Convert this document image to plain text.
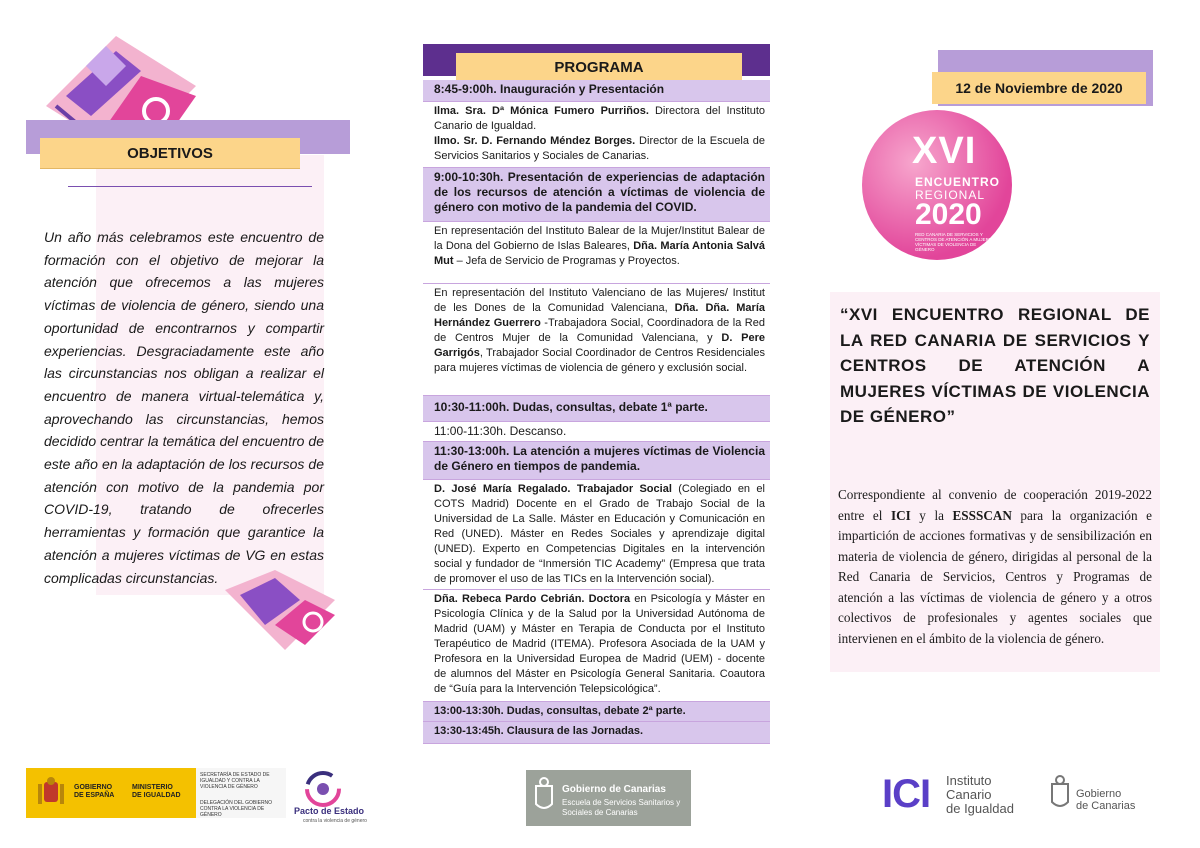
OBJETIVOS
Un año más celebramos este encuentro de formación con el objetivo de mejorar la atención que ofrecemos a las mujeres víctimas de violencia de género, siendo una oportunidad de encontrarnos y compartir experiencias. Desgraciadamente este año las circunstancias nos obligan a realizar el encuentro de manera virtual-telemática y, aprovechando las circunstancias, hemos decidido centrar la temática del encuentro de este año en la adaptación de los recursos de atención con motivo de la pandemia por COVID-19, tratando de ofrecerles herramientas y formación que garantice la atención a mujeres víctimas de VG en estas complicadas circunstancias.
PROGRAMA
8:45-9:00h. Inauguración y Presentación
Ilma. Sra. Dª Mónica Fumero Purriños. Directora del Instituto Canario de Igualdad.
Ilmo. Sr. D. Fernando Méndez Borges. Director de la Escuela de Servicios Sanitarios y Sociales de Canarias.
9:00-10:30h. Presentación de experiencias de adaptación de los recursos de atención a víctimas de violencia de género con motivo de la pandemia del COVID.
En representación del Instituto Balear de la Mujer/Institut Balear de la Dona del Gobierno de Islas Baleares, Dña. María Antonia Salvá Mut – Jefa de Servicio de Programas y Proyectos.
En representación del Instituto Valenciano de las Mujeres/ Institut de les Dones de la Comunidad Valenciana, Dña. Dña. María Hernández Guerrero -Trabajadora Social, Coordinadora de la Red de Centros Mujer de la Comunidad Valenciana, y D. Pere Garrigós, Trabajador Social Coordinador de Centros Residenciales para mujeres víctimas de violencia de género y exclusión social.
10:30-11:00h. Dudas, consultas, debate 1ª parte.
11:00-11:30h. Descanso.
11:30-13:00h. La atención a mujeres víctimas de Violencia de Género en tiempos de pandemia.
D. José María Regalado. Trabajador Social (Colegiado en el COTS Madrid) Docente en el Grado de Trabajo Social de la Universidad de La Salle. Máster en Educación y Comunicación en Red (UNED). Máster en Redes Sociales y aprendizaje digital (UNED). Experto en Competencias Digitales en la intervención social y fundador de “Inmersión TIC Academy” (Empresa que trata de promover el uso de las TICs en la Intervención social).
Dña. Rebeca Pardo Cebrián. Doctora en Psicología y Máster en Psicología Clínica y de la Salud por la Universidad Autónoma de Madrid (UAM) y Máster en Terapia de Conducta por el Instituto Terapéutico de Madrid (ITEMA). Profesora Asociada de la UAM y Profesora en la Universidad Europea de Madrid (UEM) - docente de alumnos del Máster en Psicología General Sanitaria. Coautora de “Guía para la Intervención Telepsicológica”.
13:00-13:30h. Dudas, consultas, debate 2ª parte.
13:30-13:45h. Clausura de las Jornadas.
12 de Noviembre de 2020
XVI
ENCUENTRO
REGIONAL
2020
RED CANARIA DE SERVICIOS Y CENTROS DE ATENCIÓN A MUJERES VÍCTIMAS DE VIOLENCIA DE GÉNERO
“XVI ENCUENTRO REGIONAL DE LA RED CANARIA DE SERVICIOS Y CENTROS DE ATENCIÓN A MUJERES VÍCTIMAS DE VIOLENCIA DE GÉNERO”
Correspondiente al convenio de cooperación 2019-2022 entre el ICI y la ESSSCAN para la organización e impartición de acciones formativas y de sensibilización en materia de violencia de género, dirigidas al personal de la Red Canaria de Servicios, Centros y Programas de atención a las víctimas de violencia de género y a otros colectivos de profesionales y agentes sociales que intervienen en el ámbito de la violencia de género.
GOBIERNO
DE ESPAÑA
MINISTERIO
DE IGUALDAD
SECRETARÍA DE ESTADO DE IGUALDAD Y CONTRA LA VIOLENCIA DE GÉNERO
DELEGACIÓN DEL GOBIERNO CONTRA LA VIOLENCIA DE GÉNERO	Pacto de Estado
contra la violencia de género
Gobierno de Canarias
Escuela de Servicios Sanitarios y Sociales de Canarias	ICI Instituto
Canario
de Igualdad
Gobierno
de Canarias
